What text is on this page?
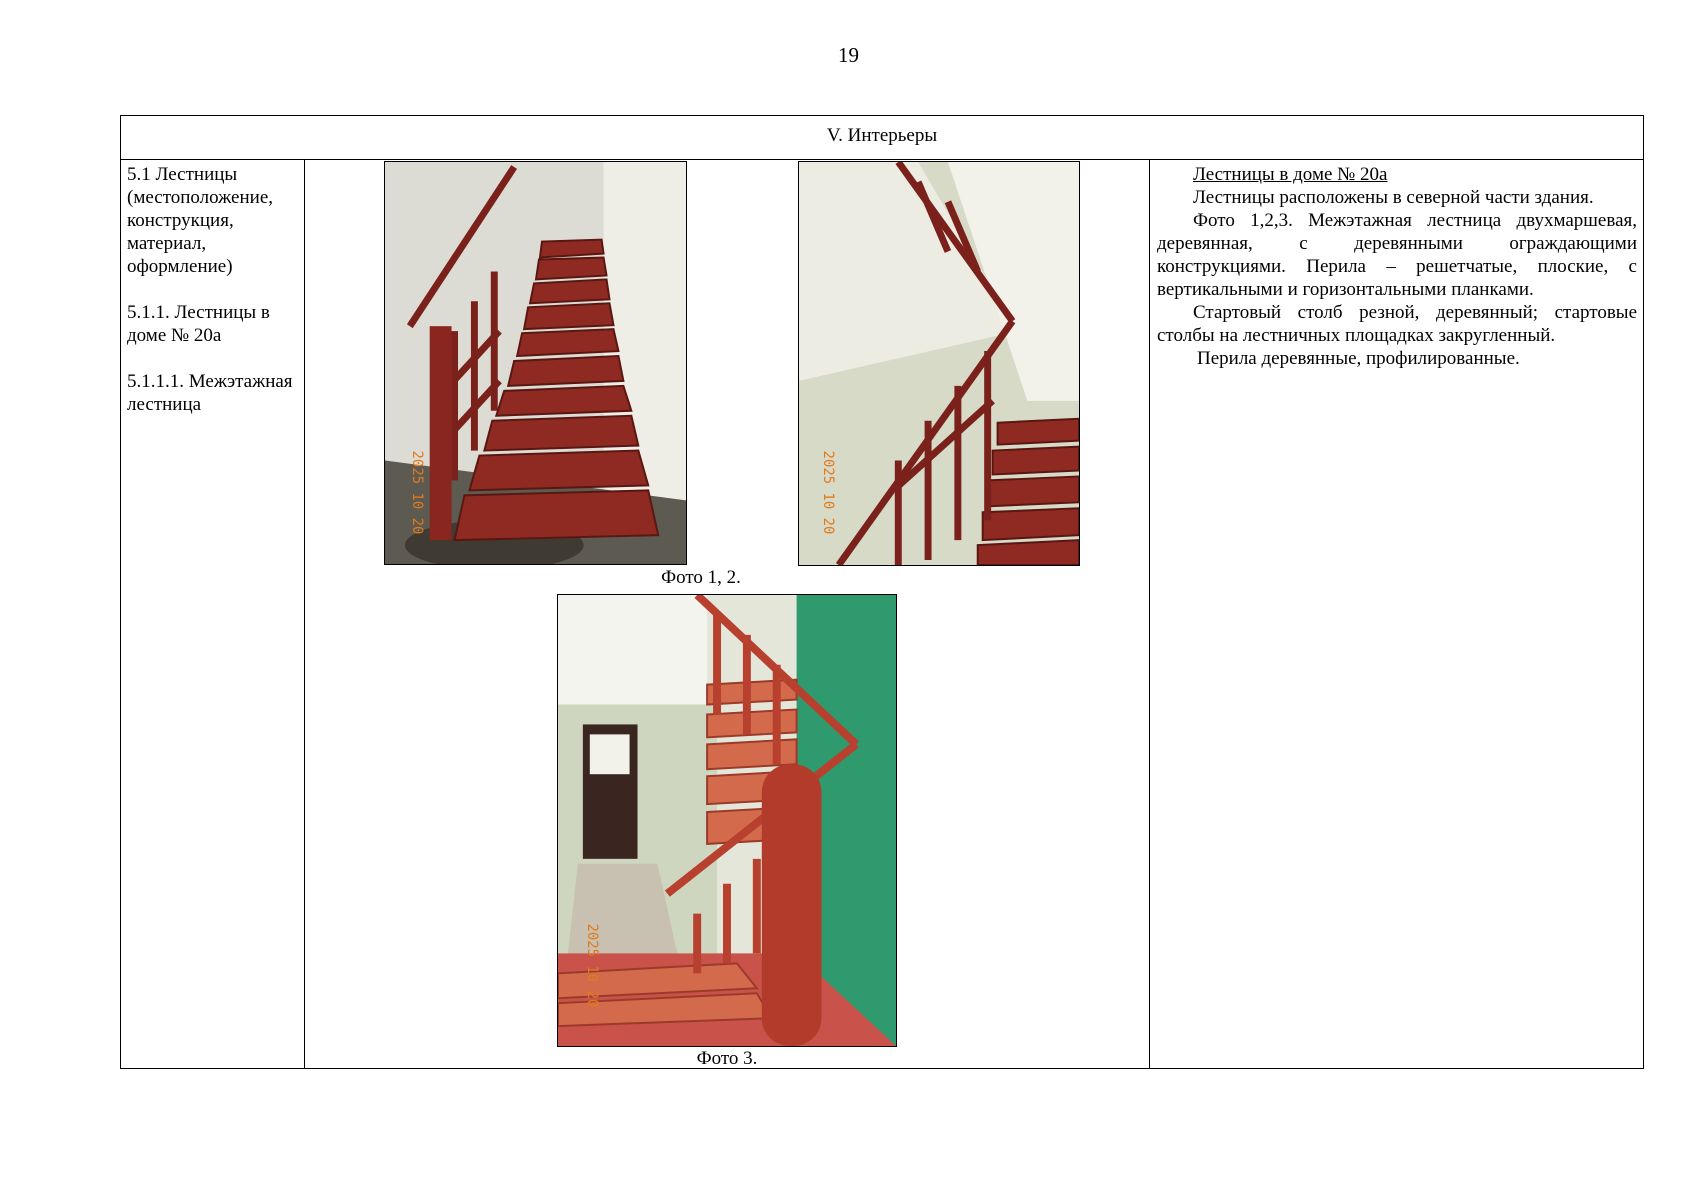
19
V. Интерьеры

5.1 Лестницы (местоположение, конструкция, материал, оформление)

5.1.1. Лестницы в доме № 20а

5.1.1.1. Межэтажная лестница

2025 10 20	2025 10 20
Фото 1, 2.
2025 10 20
Фото 3.

Лестницы в доме № 20а

Лестницы расположены в северной части здания.

Фото 1,2,3. Межэтажная лестница двухмаршевая, деревянная, с деревянными ограждающими конструкциями. Перила – решетчатые, плоские, с вертикальными и горизонтальными планками.

Стартовый столб резной, деревянный; стартовые столбы на лестничных площадках закругленный.

Перила деревянные, профилированные.
